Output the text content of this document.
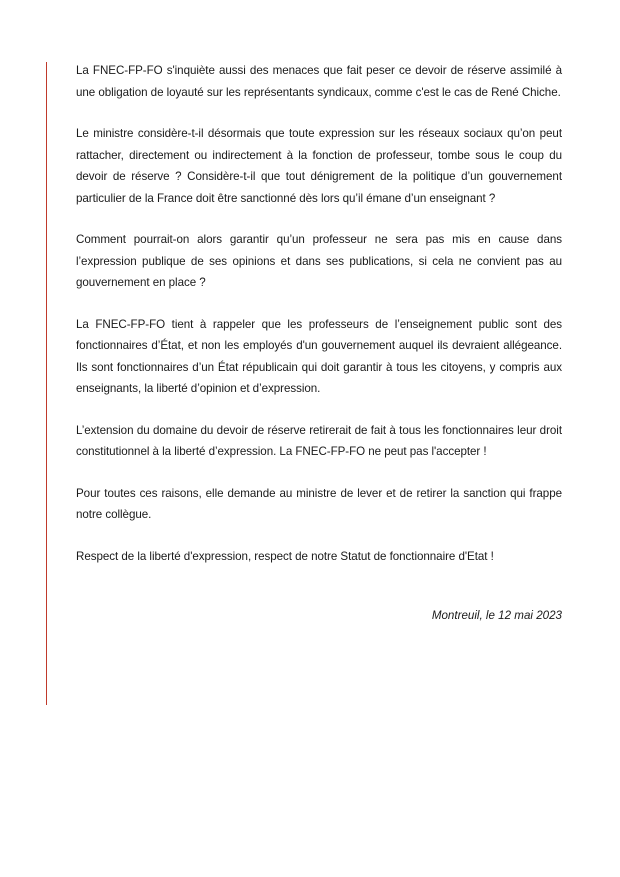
La FNEC-FP-FO s'inquiète aussi des menaces que fait peser ce devoir de réserve assimilé à une obligation de loyauté sur les représentants syndicaux, comme c'est le cas de René Chiche.

Le ministre considère-t-il désormais que toute expression sur les réseaux sociaux qu’on peut rattacher, directement ou indirectement à la fonction de professeur, tombe sous le coup du devoir de réserve ? Considère-t-il que tout dénigrement de la politique d’un gouvernement particulier de la France doit être sanctionné dès lors qu’il émane d’un enseignant ?

Comment pourrait-on alors garantir qu’un professeur ne sera pas mis en cause dans l’expression publique de ses opinions et dans ses publications, si cela ne convient pas au gouvernement en place ?

La FNEC-FP-FO tient à rappeler que les professeurs de l’enseignement public sont des fonctionnaires d’État, et non les employés d'un gouvernement auquel ils devraient allégeance. Ils sont fonctionnaires d’un État républicain qui doit garantir à tous les citoyens, y compris aux enseignants, la liberté d’opinion et d’expression.

L’extension du domaine du devoir de réserve retirerait de fait à tous les fonctionnaires leur droit constitutionnel à la liberté d’expression. La FNEC-FP-FO ne peut pas l'accepter !

Pour toutes ces raisons, elle demande au ministre de lever et de retirer la sanction qui frappe notre collègue.

Respect de la liberté d'expression, respect de notre Statut de fonctionnaire d'Etat !

Montreuil, le 12 mai 2023
